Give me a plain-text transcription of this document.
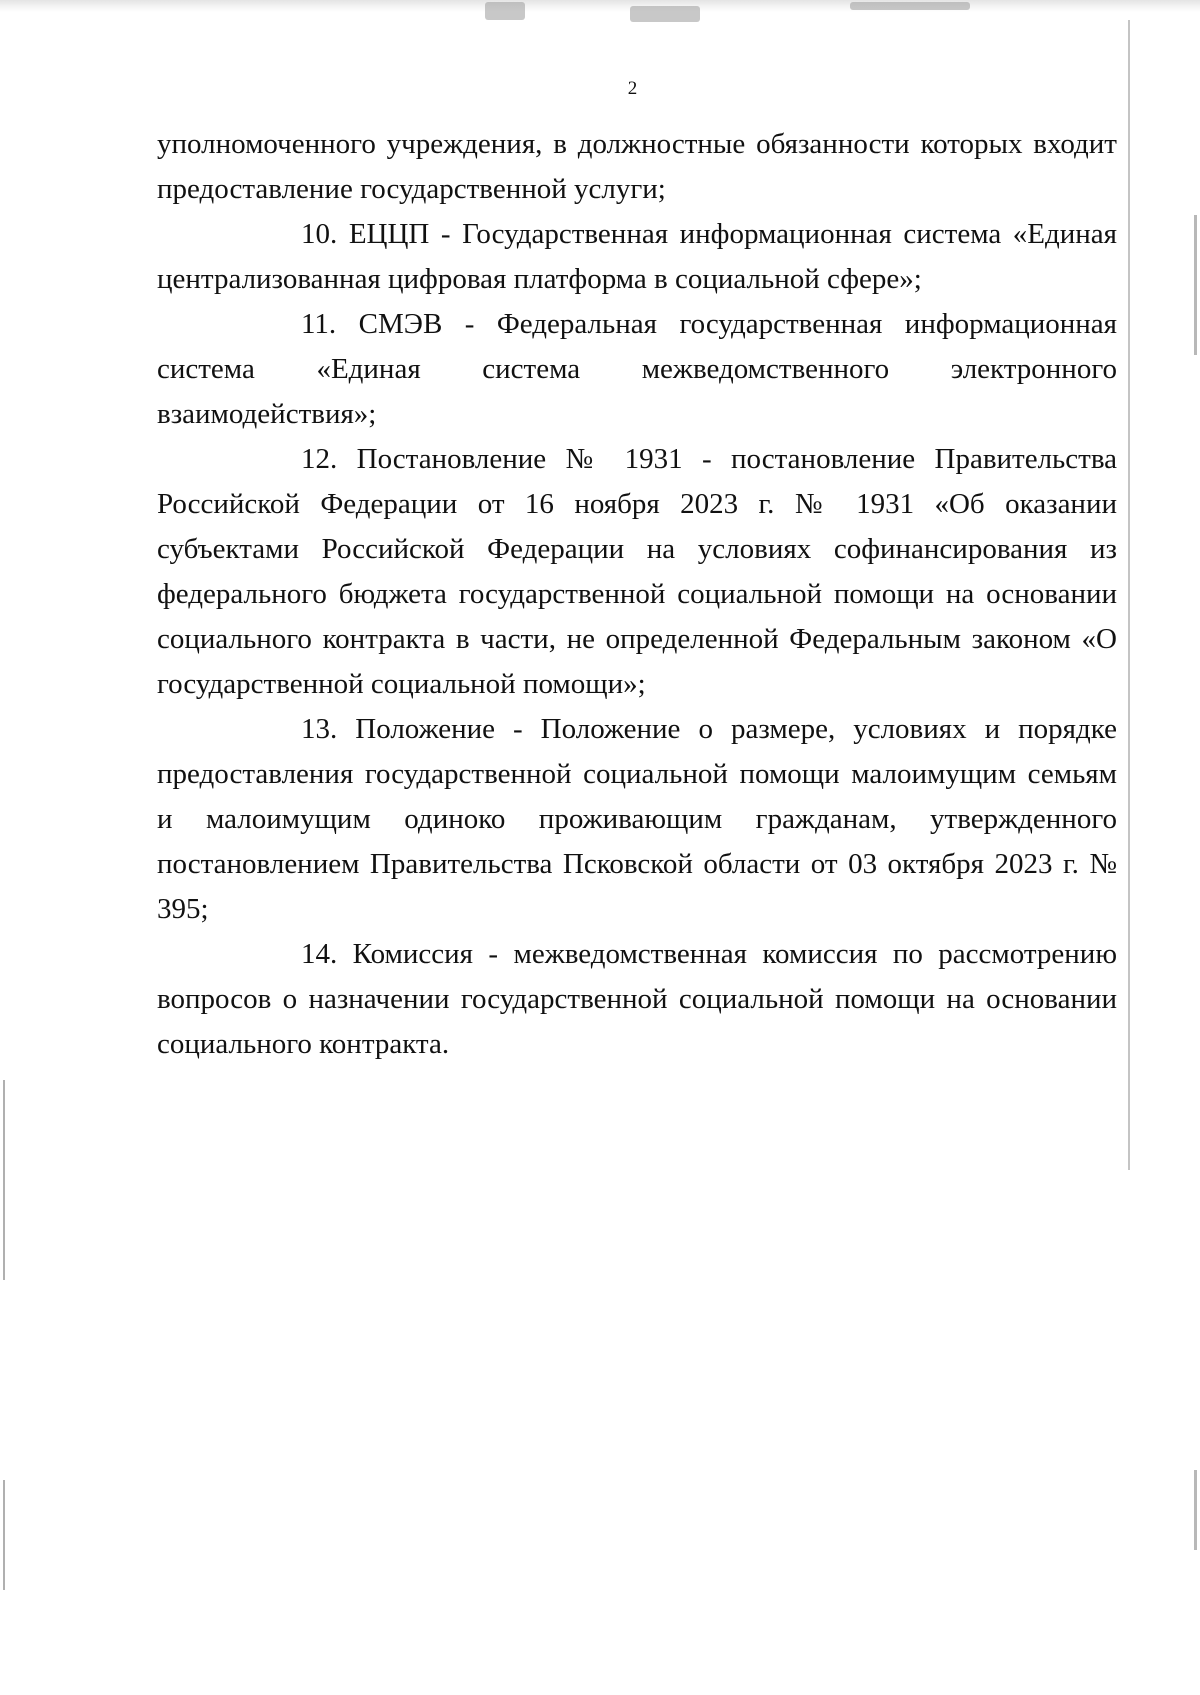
2

уполномоченного учреждения, в должностные обязанности которых входит предоставление государственной услуги;

10. ЕЦЦП - Государственная информационная система «Единая централизованная цифровая платформа в социальной сфере»;

11. СМЭВ - Федеральная государственная информационная система «Единая система межведомственного электронного взаимодействия»;

12. Постановление № 1931 - постановление Правительства Российской Федерации от 16 ноября 2023 г. № 1931 «Об оказании субъектами Российской Федерации на условиях софинансирования из федерального бюджета государственной социальной помощи на основании социального контракта в части, не определенной Федеральным законом «О государственной социальной помощи»;

13. Положение - Положение о размере, условиях и порядке предоставления государственной социальной помощи малоимущим семьям и малоимущим одиноко проживающим гражданам, утвержденного постановлением Правительства Псковской области от 03 октября 2023 г. № 395;

14. Комиссия - межведомственная комиссия по рассмотрению вопросов о назначении государственной социальной помощи на основании социального контракта.
